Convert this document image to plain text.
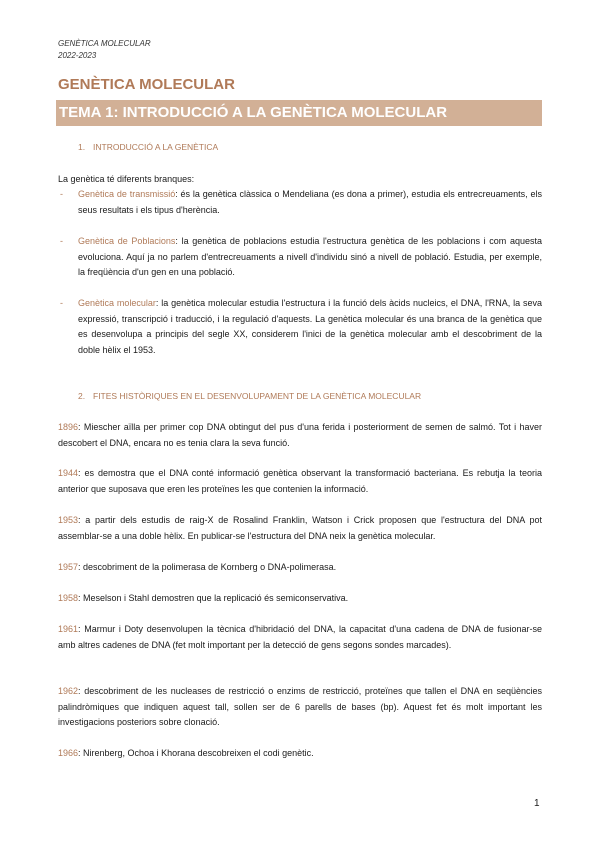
GENÈTICA MOLECULAR
2022-2023
GENÈTICA MOLECULAR
TEMA 1: INTRODUCCIÓ A LA GENÈTICA MOLECULAR
1. INTRODUCCIÓ A LA GENÈTICA
La genètica té diferents branques:
- Genètica de transmissió: és la genètica clàssica o Mendeliana (es dona a primer), estudia els entrecreuaments, els seus resultats i els tipus d'herència.
- Genètica de Poblacions: la genètica de poblacions estudia l'estructura genètica de les poblacions i com aquesta evoluciona. Aquí ja no parlem d'entrecreuaments a nivell d'individu sinó a nivell de població. Estudia, per exemple, la freqüència d'un gen en una població.
- Genètica molecular: la genètica molecular estudia l'estructura i la funció dels àcids nucleics, el DNA, l'RNA, la seva expressió, transcripció i traducció, i la regulació d'aquests. La genètica molecular és una branca de la genètica que es desenvolupa a principis del segle XX, considerem l'inici de la genètica molecular amb el descobriment de la doble hèlix el 1953.
2. FITES HISTÒRIQUES EN EL DESENVOLUPAMENT DE LA GENÈTICA MOLECULAR
1896: Miescher aïlla per primer cop DNA obtingut del pus d'una ferida i posteriorment de semen de salmó. Tot i haver descobert el DNA, encara no es tenia clara la seva funció.
1944: es demostra que el DNA conté informació genètica observant la transformació bacteriana. Es rebutja la teoria anterior que suposava que eren les proteïnes les que contenien la informació.
1953: a partir dels estudis de raig-X de Rosalind Franklin, Watson i Crick proposen que l'estructura del DNA pot assemblar-se a una doble hèlix. En publicar-se l'estructura del DNA neix la genètica molecular.
1957: descobriment de la polimerasa de Kornberg o DNA-polimerasa.
1958: Meselson i Stahl demostren que la replicació és semiconservativa.
1961: Marmur i Doty desenvolupen la tècnica d'hibridació del DNA, la capacitat d'una cadena de DNA de fusionar-se amb altres cadenes de DNA (fet molt important per la detecció de gens segons sondes marcades).
1962: descobriment de les nucleases de restricció o enzims de restricció, proteïnes que tallen el DNA en seqüències palindròmiques que indiquen aquest tall, sollen ser de 6 parells de bases (bp). Aquest fet és molt important les investigacions posteriors sobre clonació.
1966: Nirenberg, Ochoa i Khorana descobreixen el codi genètic.
1
